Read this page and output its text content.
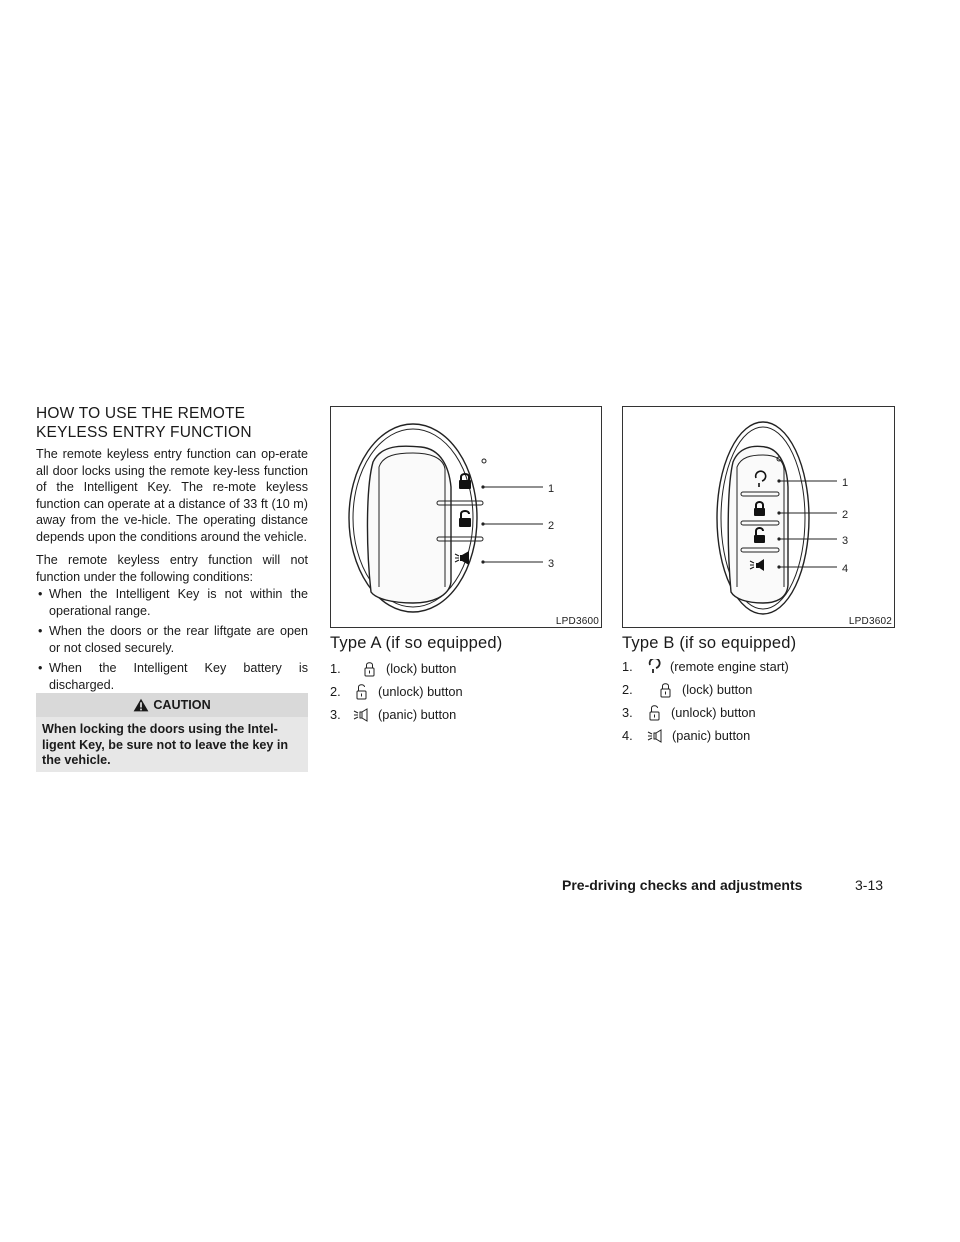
HOW TO USE THE REMOTE
KEYLESS ENTRY FUNCTION
The remote keyless entry function can op-erate all door locks using the remote key-less function of the Intelligent Key. The re-mote keyless function can operate at a distance of 33 ft (10 m) away from the ve-hicle. The operating distance depends upon the conditions around the vehicle.
The remote keyless entry function will not function under the following conditions:
• When the Intelligent Key is not within the operational range.
• When the doors or the rear liftgate are open or not closed securely.
• When the Intelligent Key battery is discharged.
CAUTION
When locking the doors using the Intel-ligent Key, be sure not to leave the key in the vehicle.
1
2
3
LPD3600
Type A (if so equipped)
1.	(lock) button
2.	(unlock) button
3.	(panic) button
1
2
3
4
LPD3602
Type B (if so equipped)
1.	(remote engine start)
2.	(lock) button
3.	(unlock) button
4.	(panic) button
Pre-driving checks and adjustments	3-13
